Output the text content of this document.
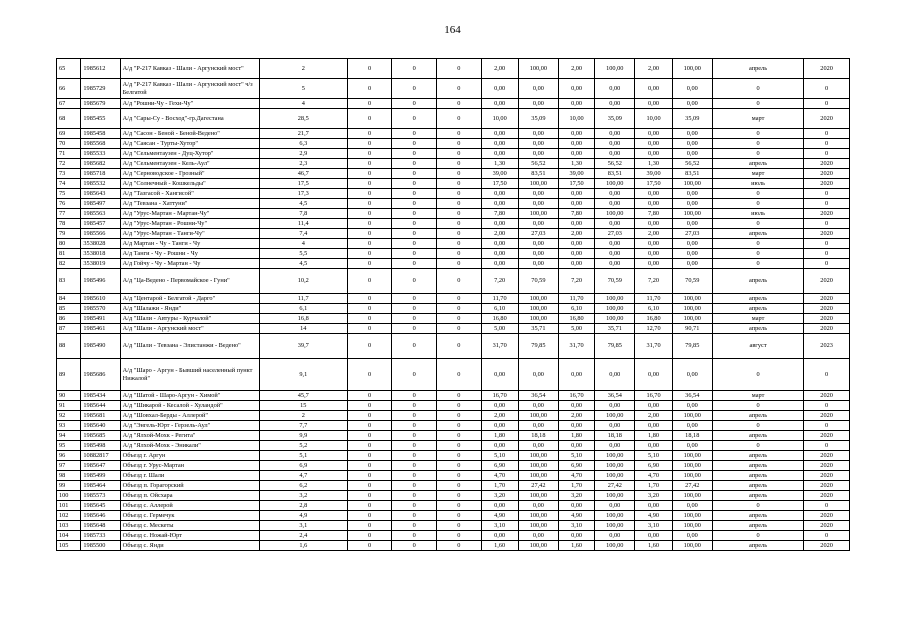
164
65	1985612	А/д "Р-217 Кавказ - Шали - Аргунский мост"	2	0	0	0	2,00	100,00	2,00	100,00	2,00	100,00	апрель	2020
66	1985729	А/д "Р-217 Кавказ - Шали - Аргунский мост" ч/з Белгатой	5	0	0	0	0,00	0,00	0,00	0,00	0,00	0,00	0	0
67	1985679	А/д "Рошни-Чу - Гехи-Чу"	4	0	0	0	0,00	0,00	0,00	0,00	0,00	0,00	0	0
68	1985455	А/д "Сары-Су - Восход"-гр.Дагестана	28,5	0	0	0	10,00	35,09	10,00	35,09	10,00	35,09	март	2020
69	1985458	А/д "Сасон - Беной - Беной-Ведено"	21,7	0	0	0	0,00	0,00	0,00	0,00	0,00	0,00	0	0
70	1985568	А/д "Саясан - Турты-Хутор"	6,3	0	0	0	0,00	0,00	0,00	0,00	0,00	0,00	0	0
71	1985533	А/д "Сельментаузен - Дуц-Хутор"	2,9	0	0	0	0,00	0,00	0,00	0,00	0,00	0,00	0	0
72	1985682	А/д "Сельментаузен - Кель-Аул"	2,3	0	0	0	1,30	56,52	1,30	56,52	1,30	56,52	апрель	2020
73	1985718	А/д "Серноводское - Грозный"	46,7	0	0	0	39,00	83,51	39,00	83,51	39,00	83,51	март	2020
74	1985532	А/д "Солнечный - Кошкельды"	17,5	0	0	0	17,50	100,00	17,50	100,00	17,50	100,00	июль	2020
75	1985643	А/д "Тазгасой - Хангисой"	17,3	0	0	0	0,00	0,00	0,00	0,00	0,00	0,00	0	0
76	1985497	А/д "Тевзана - Хаттуни"	4,5	0	0	0	0,00	0,00	0,00	0,00	0,00	0,00	0	0
77	1985563	А/д "Урус-Мартан - Мартан-Чу"	7,8	0	0	0	7,80	100,00	7,80	100,00	7,80	100,00	июль	2020
78	1985457	А/д "Урус-Мартан - Рошни-Чу"	11,4	0	0	0	0,00	0,00	0,00	0,00	0,00	0,00	0	0
79	1985566	А/д "Урус-Мартан - Танги-Чу"	7,4	0	0	0	2,00	27,03	2,00	27,03	2,00	27,03	апрель	2020
80	3538028	А/д Мартан - Чу - Танги - Чу	4	0	0	0	0,00	0,00	0,00	0,00	0,00	0,00	0	0
81	3538018	А/д Танги - Чу - Рошни - Чу	5,5	0	0	0	0,00	0,00	0,00	0,00	0,00	0,00	0	0
82	3538019	А/д Гойчу - Чу - Мартан - Чу	4,5	0	0	0	0,00	0,00	0,00	0,00	0,00	0,00	0	0
83	1985496	А/д "Ца-Ведено - Первомайское - Гуни"	10,2	0	0	0	7,20	70,59	7,20	70,59	7,20	70,59	апрель	2020
84	1985610	А/д "Центарой - Белгатой - Дарго"	11,7	0	0	0	11,70	100,00	11,70	100,00	11,70	100,00	апрель	2020
85	1985570	А/д "Шалажи - Янди"	6,1	0	0	0	6,10	100,00	6,10	100,00	6,10	100,00	апрель	2020
86	1985491	А/д "Шали - Автуры - Курчалой"	16,8	0	0	0	16,80	100,00	16,80	100,00	16,80	100,00	март	2020
87	1985461	А/д "Шали - Аргунский мост"	14	0	0	0	5,00	35,71	5,00	35,71	12,70	90,71	апрель	2020
88	1985490	А/д "Шали - Тевзана - Элистанжи - Ведено"	39,7	0	0	0	31,70	79,85	31,70	79,85	31,70	79,85	август	2023
89	1985686	А/д "Шаро - Аргун - Бывший населенный пункт Нижалой"	9,1	0	0	0	0,00	0,00	0,00	0,00	0,00	0,00	0	0
90	1985434	А/д "Шатой - Шаро-Аргун - Химой"	45,7	0	0	0	16,70	36,54	16,70	36,54	16,70	36,54	март	2020
91	1985644	А/д "Шикарой - Кесалой - Хуландой"	15	0	0	0	0,00	0,00	0,00	0,00	0,00	0,00	0	0
92	1985681	А/д "Шовхал-Берды - Аллерой"	2	0	0	0	2,00	100,00	2,00	100,00	2,00	100,00	апрель	2020
93	1985640	А/д "Энгель-Юрт - Герзель-Аул"	7,7	0	0	0	0,00	0,00	0,00	0,00	0,00	0,00	0	0
94	1985685	А/д "Ялхой-Мохк - Регита"	9,9	0	0	0	1,80	18,18	1,80	18,18	1,80	18,18	апрель	2020
95	1985498	А/д "Ялхой-Мохк - Эникали"	5,2	0	0	0	0,00	0,00	0,00	0,00	0,00	0,00	0	0
96	10882817	Объезд г. Аргун	5,1	0	0	0	5,10	100,00	5,10	100,00	5,10	100,00	апрель	2020
97	1985647	Объезд г. Урус-Мартан	6,9	0	0	0	6,90	100,00	6,90	100,00	6,90	100,00	апрель	2020
98	1985499	Объезд г. Шали	4,7	0	0	0	4,70	100,00	4,70	100,00	4,70	100,00	апрель	2020
99	1985464	Объезд п. Горагорский	6,2	0	0	0	1,70	27,42	1,70	27,42	1,70	27,42	апрель	2020
100	1985573	Объезд п. Ойсхара	3,2	0	0	0	3,20	100,00	3,20	100,00	3,20	100,00	апрель	2020
101	1985645	Объезд с. Аллерой	2,8	0	0	0	0,00	0,00	0,00	0,00	0,00	0,00	0	0
102	1985646	Объезд с. Гермечук	4,9	0	0	0	4,90	100,00	4,90	100,00	4,90	100,00	апрель	2020
103	1985648	Объезд с. Мескеты	3,1	0	0	0	3,10	100,00	3,10	100,00	3,10	100,00	апрель	2020
104	1985733	Объезд с. Ножай-Юрт	2,4	0	0	0	0,00	0,00	0,00	0,00	0,00	0,00	0	0
105	1985500	Объезд с. Янди	1,6	0	0	0	1,60	100,00	1,60	100,00	1,60	100,00	апрель	2020
